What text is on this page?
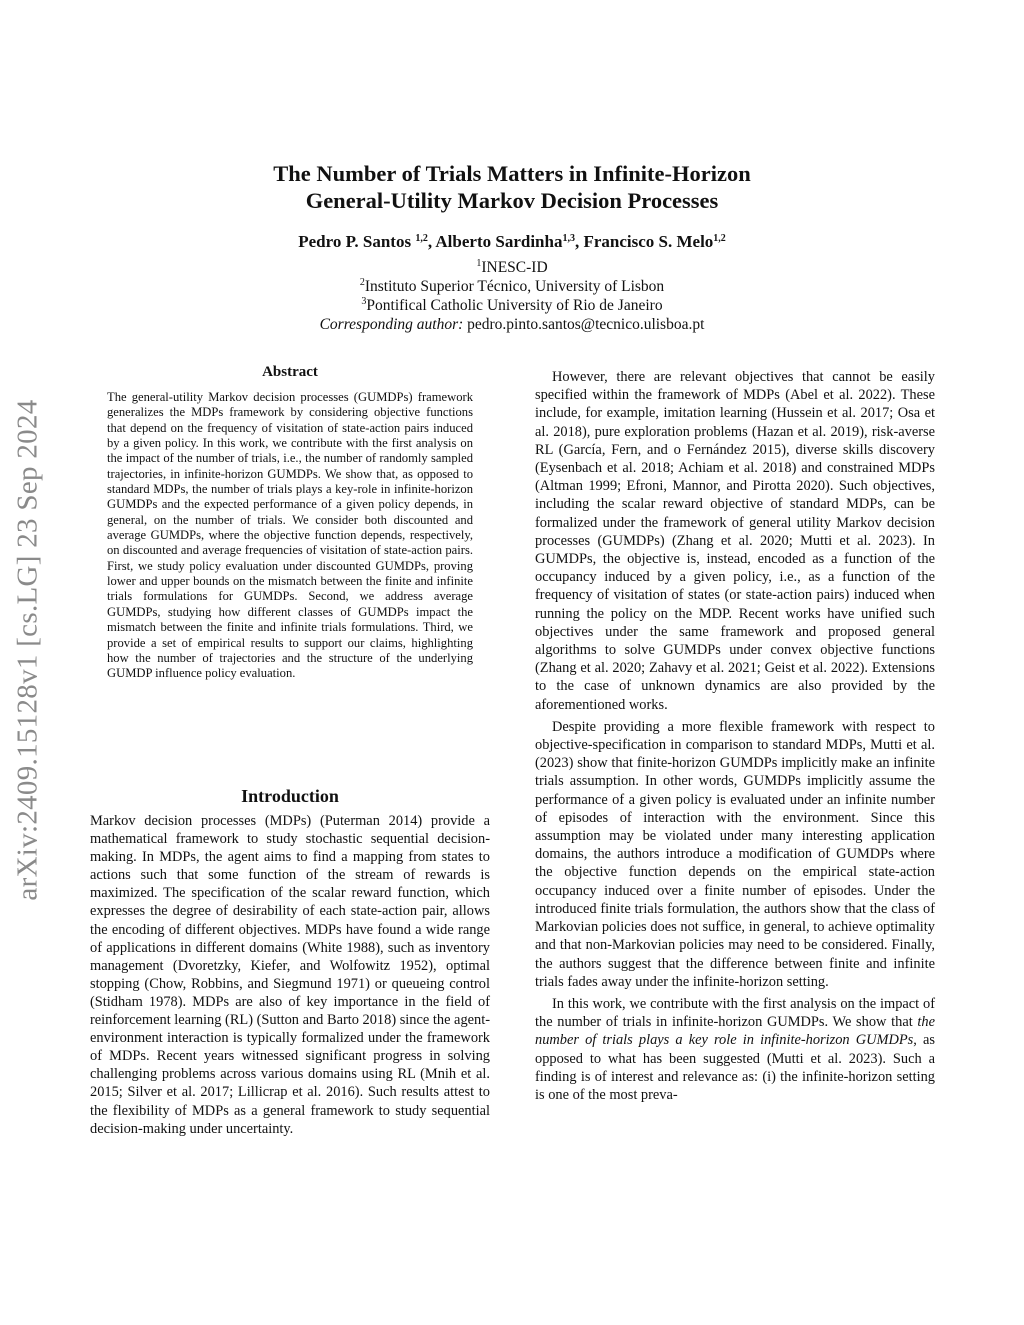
arXiv:2409.15128v1 [cs.LG] 23 Sep 2024
The Number of Trials Matters in Infinite-Horizon
General-Utility Markov Decision Processes
Pedro P. Santos $^{1,2}$, Alberto Sardinha$^{1,3}$, Francisco S. Melo$^{1,2}$
$^1$INESC-ID
$^2$Instituto Superior Técnico, University of Lisbon
$^3$Pontifical Catholic University of Rio de Janeiro
Corresponding author: pedro.pinto.santos@tecnico.ulisboa.pt
Abstract
The general-utility Markov decision processes (GUMDPs) framework generalizes the MDPs framework by considering objective functions that depend on the frequency of visitation of state-action pairs induced by a given policy. In this work, we contribute with the first analysis on the impact of the number of trials, i.e., the number of randomly sampled trajectories, in infinite-horizon GUMDPs. We show that, as opposed to standard MDPs, the number of trials plays a key-role in infinite-horizon GUMDPs and the expected performance of a given policy depends, in general, on the number of trials. We consider both discounted and average GUMDPs, where the objective function depends, respectively, on discounted and average frequencies of visitation of state-action pairs. First, we study policy evaluation under discounted GUMDPs, proving lower and upper bounds on the mismatch between the finite and infinite trials formulations for GUMDPs. Second, we address average GUMDPs, studying how different classes of GUMDPs impact the mismatch between the finite and infinite trials formulations. Third, we provide a set of empirical results to support our claims, highlighting how the number of trajectories and the structure of the underlying GUMDP influence policy evaluation.
Introduction
Markov decision processes (MDPs) (Puterman 2014) provide a mathematical framework to study stochastic sequential decision-making. In MDPs, the agent aims to find a mapping from states to actions such that some function of the stream of rewards is maximized. The specification of the scalar reward function, which expresses the degree of desirability of each state-action pair, allows the encoding of different objectives. MDPs have found a wide range of applications in different domains (White 1988), such as inventory management (Dvoretzky, Kiefer, and Wolfowitz 1952), optimal stopping (Chow, Robbins, and Siegmund 1971) or queueing control (Stidham 1978). MDPs are also of key importance in the field of reinforcement learning (RL) (Sutton and Barto 2018) since the agent-environment interaction is typically formalized under the framework of MDPs. Recent years witnessed significant progress in solving challenging problems across various domains using RL (Mnih et al. 2015; Silver et al. 2017; Lillicrap et al. 2016). Such results attest to the flexibility of MDPs as a general framework to study sequential decision-making under uncertainty.

However, there are relevant objectives that cannot be easily specified within the framework of MDPs (Abel et al. 2022). These include, for example, imitation learning (Hussein et al. 2017; Osa et al. 2018), pure exploration problems (Hazan et al. 2019), risk-averse RL (García, Fern, and o Fernández 2015), diverse skills discovery (Eysenbach et al. 2018; Achiam et al. 2018) and constrained MDPs (Altman 1999; Efroni, Mannor, and Pirotta 2020). Such objectives, including the scalar reward objective of standard MDPs, can be formalized under the framework of general utility Markov decision processes (GUMDPs) (Zhang et al. 2020; Mutti et al. 2023). In GUMDPs, the objective is, instead, encoded as a function of the occupancy induced by a given policy, i.e., as a function of the frequency of visitation of states (or state-action pairs) induced when running the policy on the MDP. Recent works have unified such objectives under the same framework and proposed general algorithms to solve GUMDPs under convex objective functions (Zhang et al. 2020; Zahavy et al. 2021; Geist et al. 2022). Extensions to the case of unknown dynamics are also provided by the aforementioned works.

Despite providing a more flexible framework with respect to objective-specification in comparison to standard MDPs, Mutti et al. (2023) show that finite-horizon GUMDPs implicitly make an infinite trials assumption. In other words, GUMDPs implicitly assume the performance of a given policy is evaluated under an infinite number of episodes of interaction with the environment. Since this assumption may be violated under many interesting application domains, the authors introduce a modification of GUMDPs where the objective function depends on the empirical state-action occupancy induced over a finite number of episodes. Under the introduced finite trials formulation, the authors show that the class of Markovian policies does not suffice, in general, to achieve optimality and that non-Markovian policies may need to be considered. Finally, the authors suggest that the difference between finite and infinite trials fades away under the infinite-horizon setting.

In this work, we contribute with the first analysis on the impact of the number of trials in infinite-horizon GUMDPs. We show that the number of trials plays a key role in infinite-horizon GUMDPs, as opposed to what has been suggested (Mutti et al. 2023). Such a finding is of interest and relevance as: (i) the infinite-horizon setting is one of the most preva-
